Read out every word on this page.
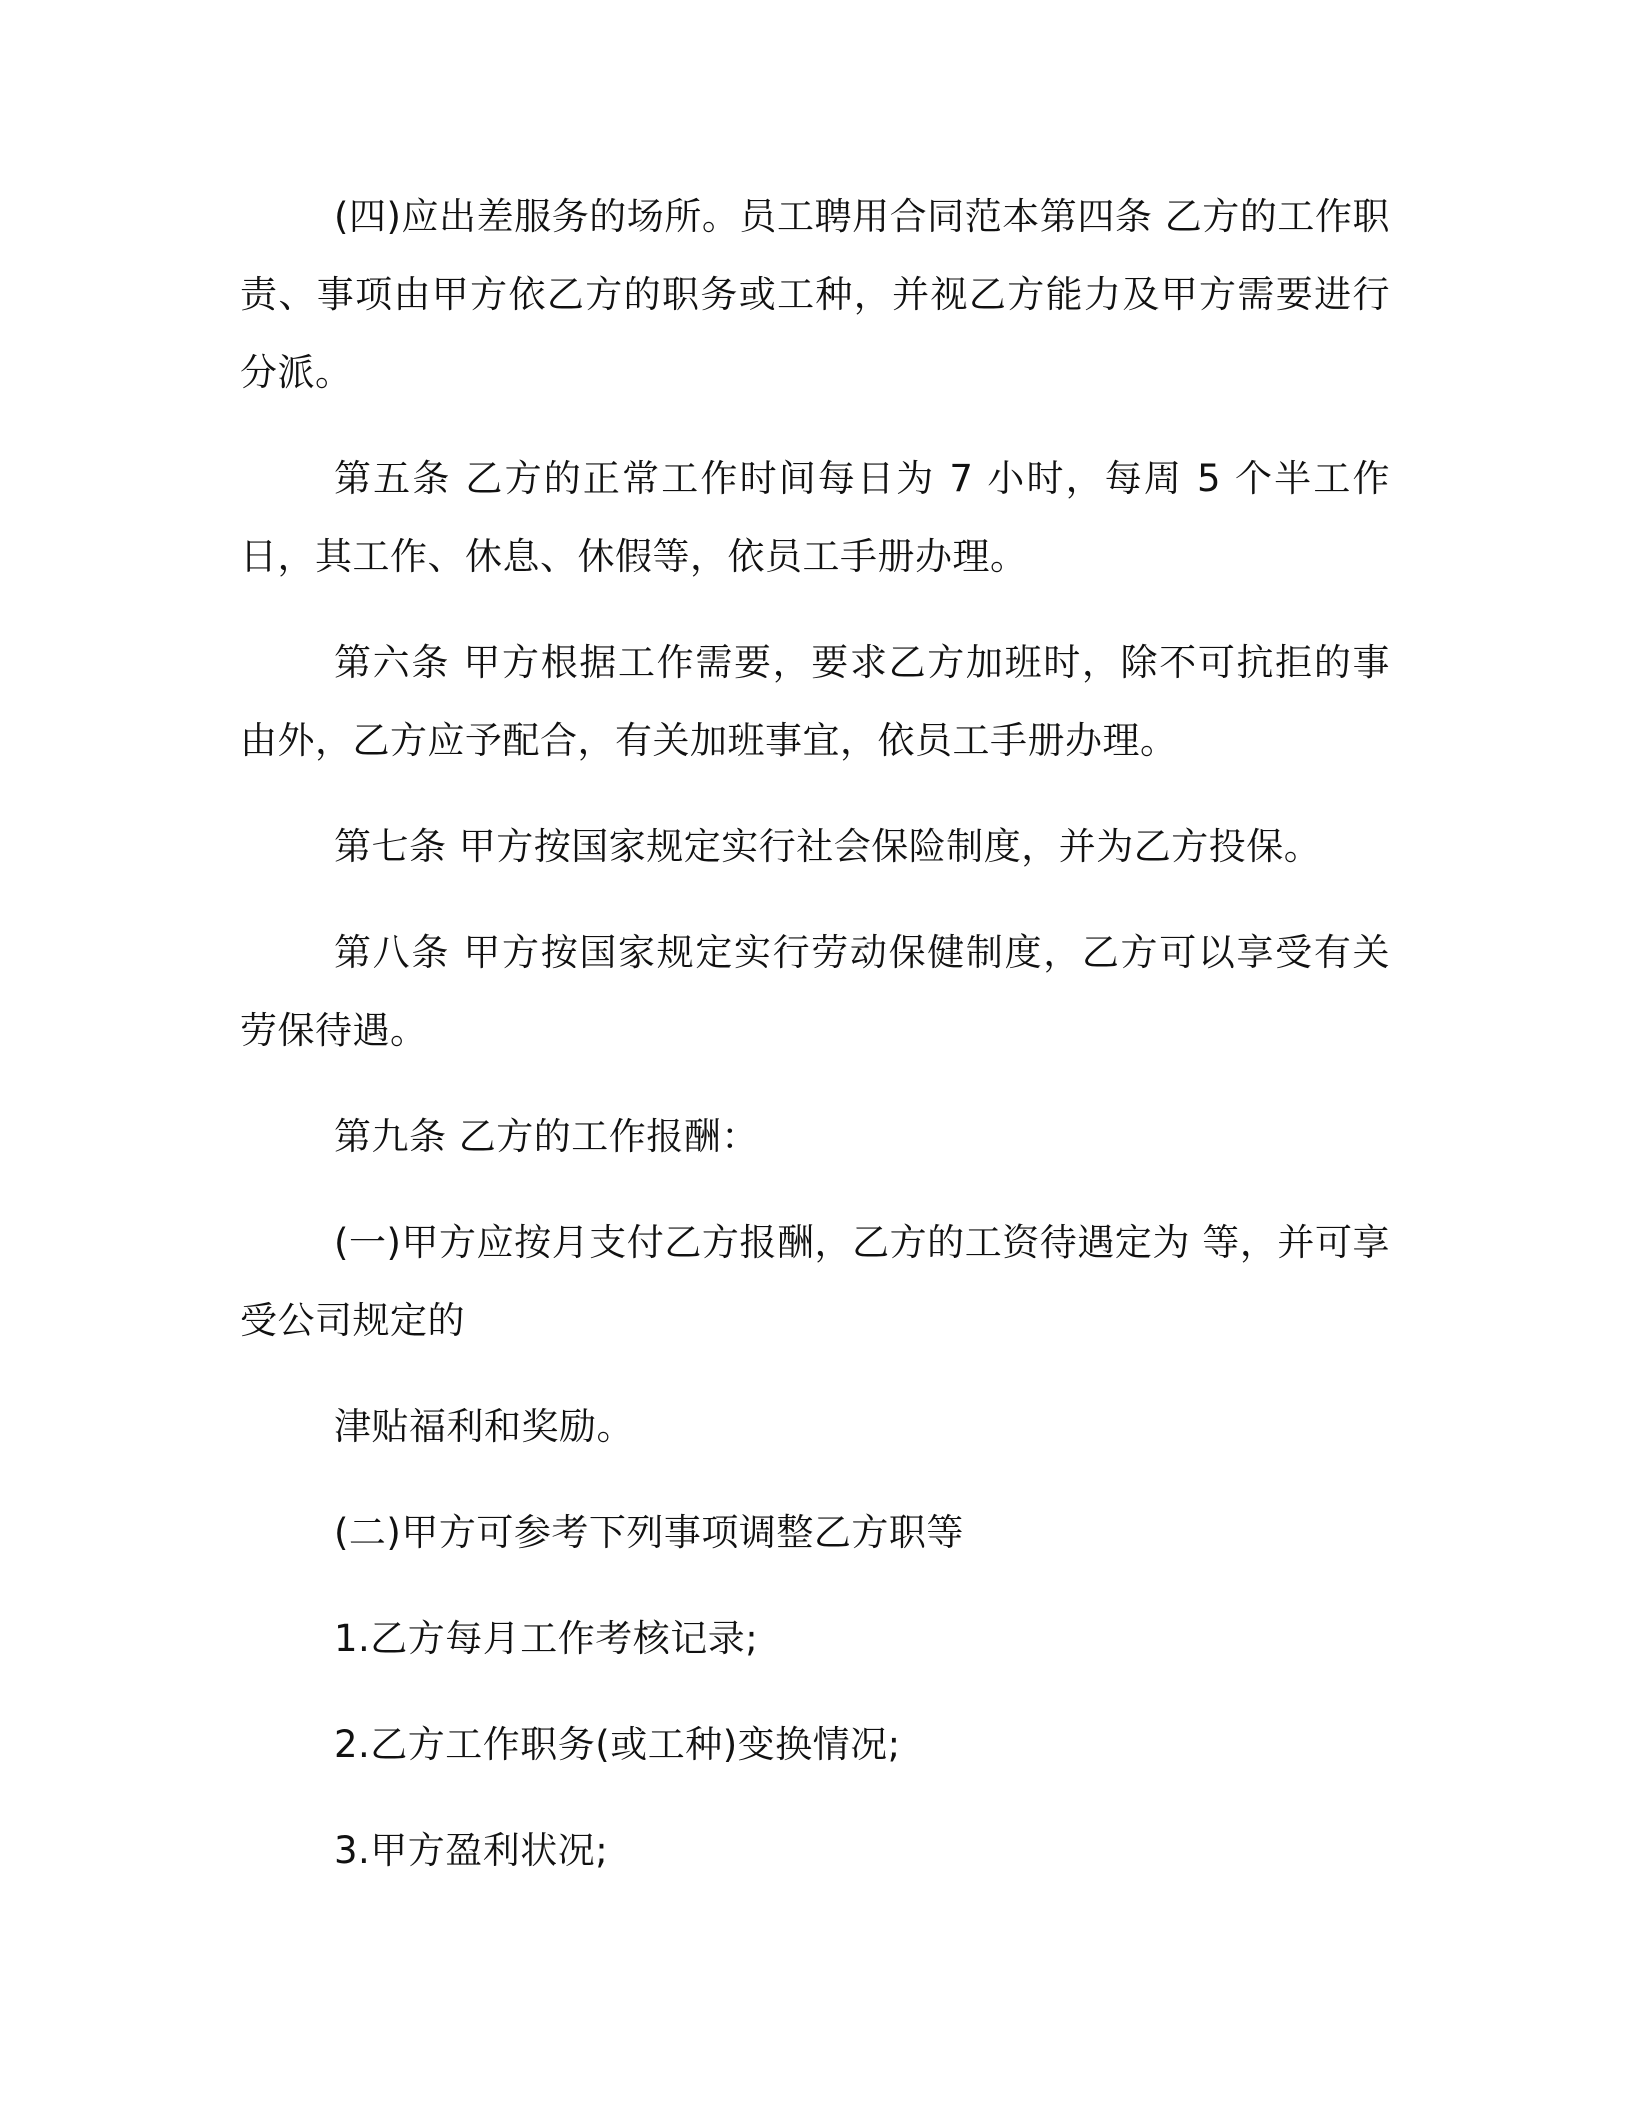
(四)应出差服务的场所。员工聘用合同范本第四条 乙方的工作职责、事项由甲方依乙方的职务或工种，并视乙方能力及甲方需要进行分派。

第五条 乙方的正常工作时间每日为 7 小时，每周 5 个半工作日，其工作、休息、休假等，依员工手册办理。

第六条 甲方根据工作需要，要求乙方加班时，除不可抗拒的事由外，乙方应予配合，有关加班事宜，依员工手册办理。

第七条 甲方按国家规定实行社会保险制度，并为乙方投保。

第八条 甲方按国家规定实行劳动保健制度，乙方可以享受有关劳保待遇。

第九条 乙方的工作报酬：

(一)甲方应按月支付乙方报酬，乙方的工资待遇定为 等，并可享受公司规定的

津贴福利和奖励。

(二)甲方可参考下列事项调整乙方职等

1.乙方每月工作考核记录;

2.乙方工作职务(或工种)变换情况;

3.甲方盈利状况;
